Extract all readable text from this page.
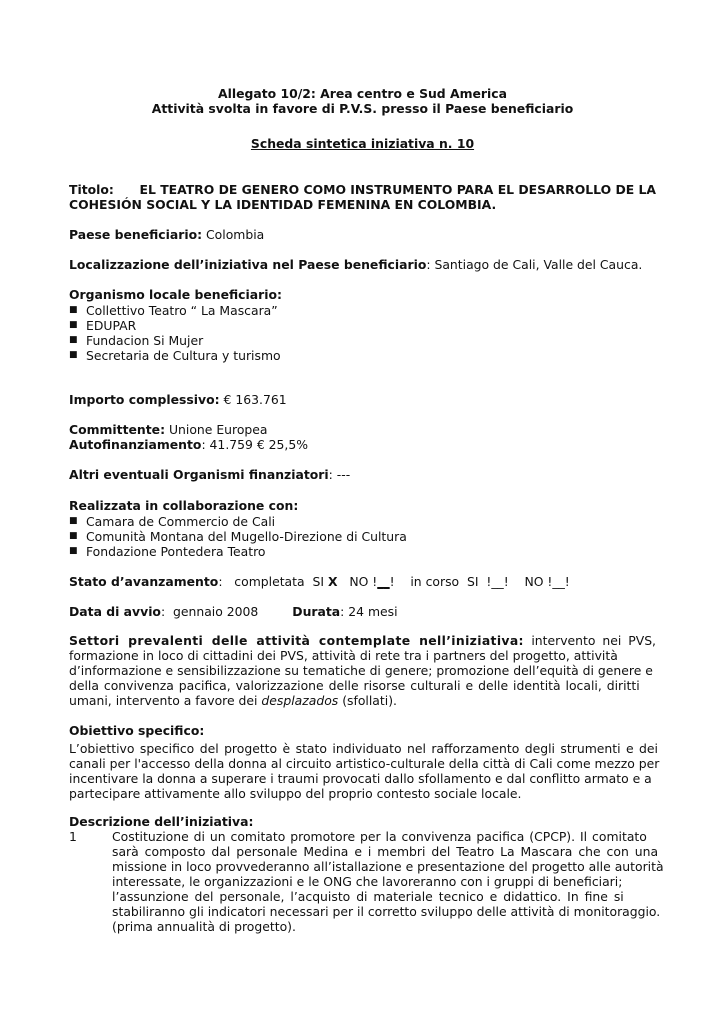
Allegato 10/2: Area centro e Sud America
Attività svolta in favore di P.V.S. presso il Paese beneficiario
Scheda sintetica iniziativa n. 10
Titolo: EL TEATRO DE GENERO COMO INSTRUMENTO PARA EL DESARROLLO DE LA
COHESIÓN SOCIAL Y LA IDENTIDAD FEMENINA EN COLOMBIA.
Paese beneficiario: Colombia
Localizzazione dell’iniziativa nel Paese beneficiario: Santiago de Cali, Valle del Cauca.
Organismo locale beneficiario:
■ Collettivo Teatro “ La Mascara”
■ EDUPAR
■ Fundacion Si Mujer
■ Secretaria de Cultura y turismo
Importo complessivo: € 163.761
Committente: Unione Europea
Autofinanziamento: 41.759 € 25,5%
Altri eventuali Organismi finanziatori: ---
Realizzata in collaborazione con:
■ Camara de Commercio de Cali
■ Comunità Montana del Mugello-Direzione di Cultura
■ Fondazione Pontedera Teatro
Stato d’avanzamento:   completata  SI X   NO !__!    in corso  SI  !__!    NO !__!
Data di avvio:  gennaio 2008	Durata: 24 mesi
Settori prevalenti delle attività contemplate nell’iniziativa: intervento nei PVS,
formazione in loco di cittadini dei PVS, attività di rete tra i partners del progetto, attività
d’informazione e sensibilizzazione su tematiche di genere; promozione dell’equità di genere e
della convivenza pacifica, valorizzazione delle risorse culturali e delle identità locali, diritti
umani, intervento a favore dei desplazados (sfollati).
Obiettivo specifico:
L’obiettivo specifico del progetto è stato individuato nel rafforzamento degli strumenti e dei
canali per l'accesso della donna al circuito artistico-culturale della città di Cali come mezzo per
incentivare la donna a superare i traumi provocati dallo sfollamento e dal conflitto armato e a
partecipare attivamente allo sviluppo del proprio contesto sociale locale.
Descrizione dell’iniziativa:
1	Costituzione di un comitato promotore per la convivenza pacifica (CPCP). Il comitato
sarà composto dal personale Medina e i membri del Teatro La Mascara che con una
missione in loco provvederanno all’istallazione e presentazione del progetto alle autorità
interessate, le organizzazioni e le ONG che lavoreranno con i gruppi di beneficiari;
l’assunzione del personale, l’acquisto di materiale tecnico e didattico. In fine si
stabiliranno gli indicatori necessari per il corretto sviluppo delle attività di monitoraggio.
(prima annualità di progetto).
